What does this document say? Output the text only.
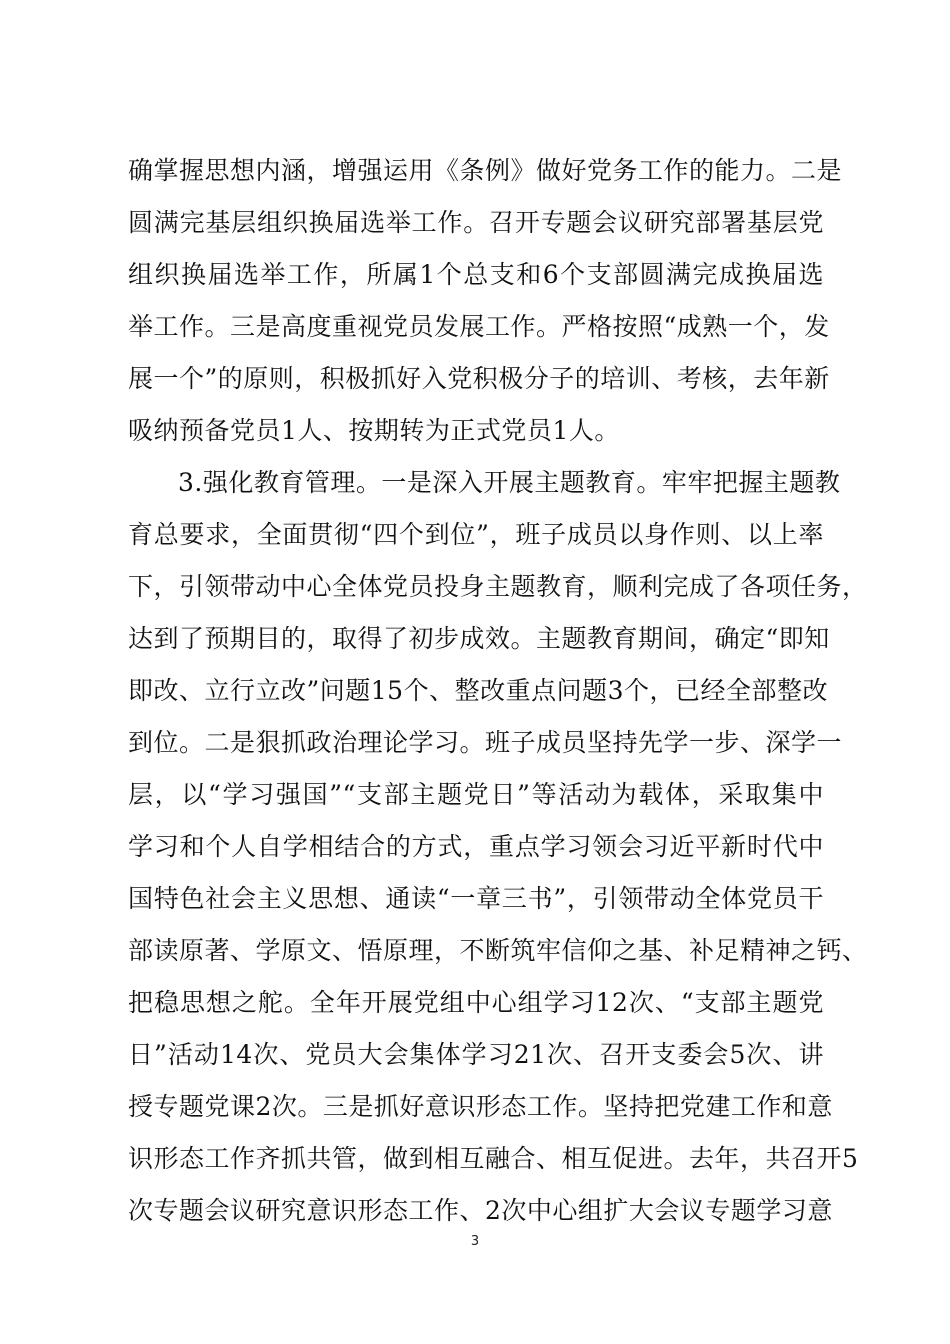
确掌握思想内涵，增强运用《条例》做好党务工作的能力。二是
圆满完基层组织换届选举工作。召开专题会议研究部署基层党
组织换届选举工作，所属1个总支和6个支部圆满完成换届选
举工作。三是高度重视党员发展工作。严格按照“成熟一个，发
展一个”的原则，积极抓好入党积极分子的培训、考核，去年新
吸纳预备党员1人、按期转为正式党员1人。
3.强化教育管理。一是深入开展主题教育。牢牢把握主题教
育总要求，全面贯彻“四个到位”，班子成员以身作则、以上率
下，引领带动中心全体党员投身主题教育，顺利完成了各项任务，
达到了预期目的，取得了初步成效。主题教育期间，确定“即知
即改、立行立改”问题15个、整改重点问题3个，已经全部整改
到位。二是狠抓政治理论学习。班子成员坚持先学一步、深学一
层，以“学习强国”“支部主题党日”等活动为载体，采取集中
学习和个人自学相结合的方式，重点学习领会习近平新时代中
国特色社会主义思想、通读“一章三书”，引领带动全体党员干
部读原著、学原文、悟原理，不断筑牢信仰之基、补足精神之钙、
把稳思想之舵。全年开展党组中心组学习12次、“支部主题党
日”活动14次、党员大会集体学习21次、召开支委会5次、讲
授专题党课2次。三是抓好意识形态工作。坚持把党建工作和意
识形态工作齐抓共管，做到相互融合、相互促进。去年，共召开5
次专题会议研究意识形态工作、2次中心组扩大会议专题学习意
3
